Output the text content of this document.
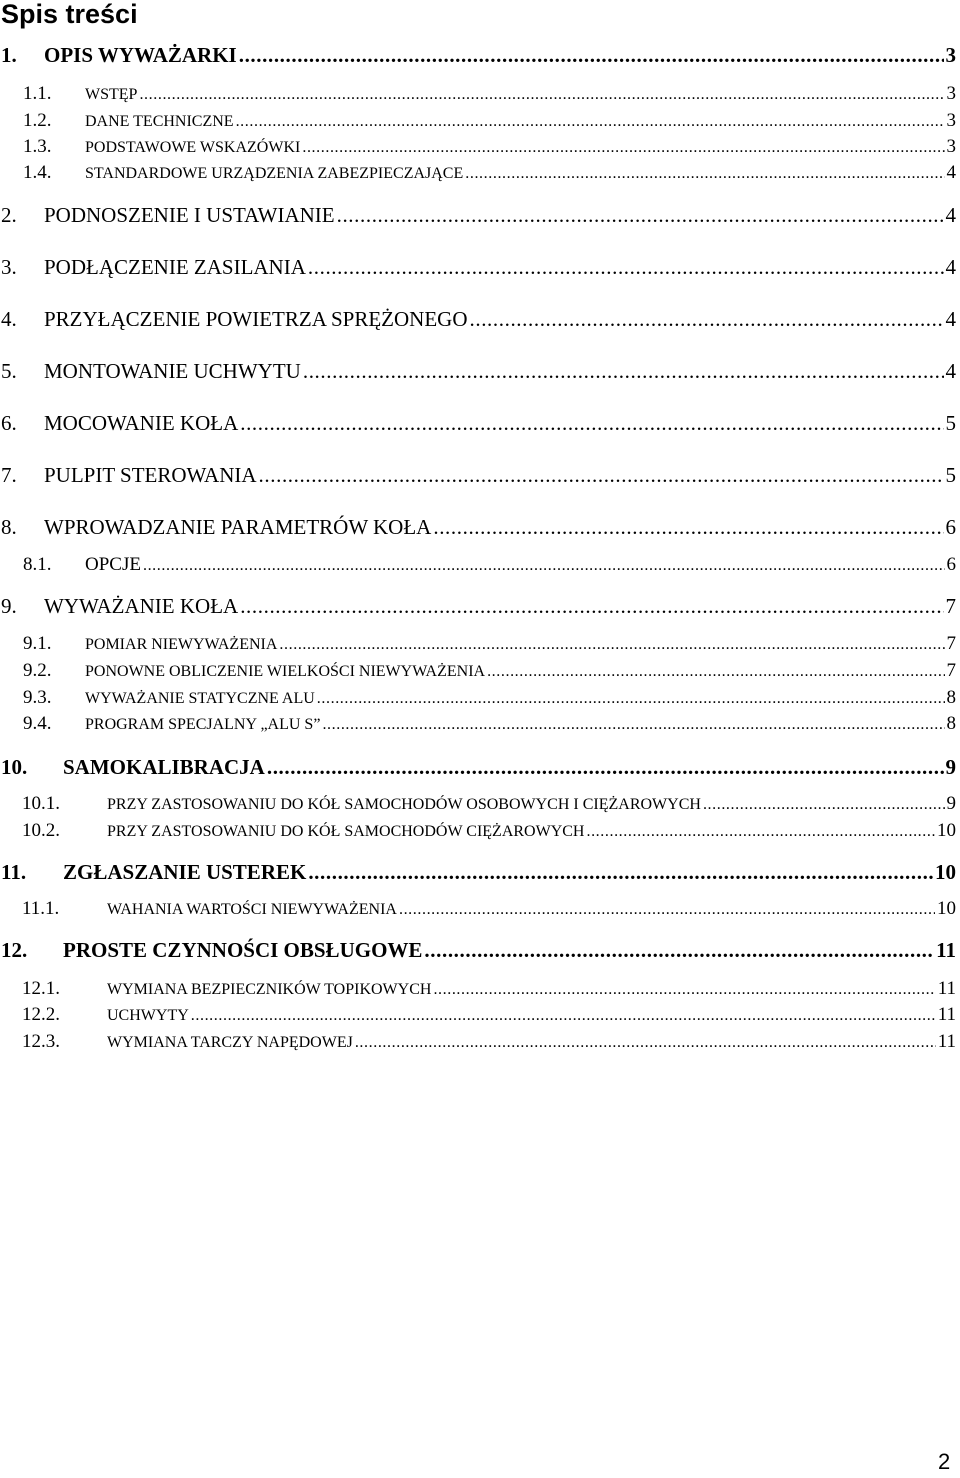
Spis treści
1.	OPIS WYWAŻARKI .....	3
1.1.	WSTĘP .....	3
1.2.	DANE TECHNICZNE .....	3
1.3.	PODSTAWOWE WSKAZÓWKI .....	3
1.4.	STANDARDOWE URZĄDZENIA ZABEZPIECZAJĄCE .....	4
2.	PODNOSZENIE I USTAWIANIE .....	4
3.	PODŁĄCZENIE ZASILANIA .....	4
4.	PRZYŁĄCZENIE POWIETRZA SPRĘŻONEGO .....	4
5.	MONTOWANIE UCHWYTU .....	4
6.	MOCOWANIE KOŁA .....	5
7.	PULPIT STEROWANIA .....	5
8.	WPROWADZANIE PARAMETRÓW KOŁA .....	6
8.1.	OPCJE .....	6
9.	WYWAŻANIE KOŁA .....	7
9.1.	POMIAR NIEWYWAŻENIA .....	7
9.2.	PONOWNE OBLICZENIE WIELKOŚCI NIEWYWAŻENIA .....	7
9.3.	WYWAŻANIE STATYCZNE ALU .....	8
9.4.	PROGRAM SPECJALNY „ALU S” .....	8
10.	SAMOKALIBRACJA .....	9
10.1.	PRZY ZASTOSOWANIU DO KÓŁ SAMOCHODÓW OSOBOWYCH I CIĘŻAROWYCH .....	9
10.2.	PRZY ZASTOSOWANIU DO KÓŁ SAMOCHODÓW CIĘŻAROWYCH .....	10
11.	ZGŁASZANIE USTEREK .....	10
11.1.	WAHANIA WARTOŚCI NIEWYWAŻENIA .....	10
12.	PROSTE CZYNNOŚCI OBSŁUGOWE .....	11
12.1.	WYMIANA BEZPIECZNIKÓW TOPIKOWYCH .....	11
12.2.	UCHWYTY .....	11
12.3.	WYMIANA TARCZY NAPĘDOWEJ .....	11
2
